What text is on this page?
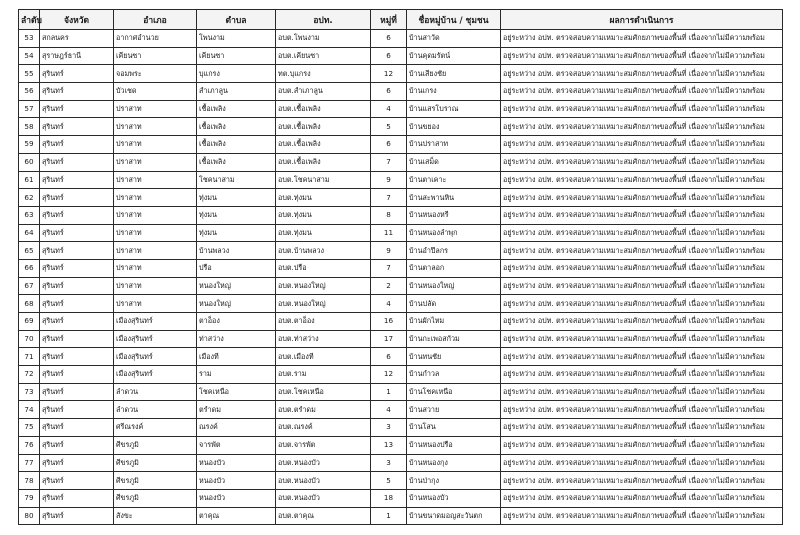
ลำดับ	จังหวัด	อำเภอ	ตำบล	อปท.	หมู่ที่	ชื่อหมู่บ้าน / ชุมชน	ผลการดำเนินการ
53	สกลนคร	อากาศอำนวย	โพนงาม	อบต.โพนงาม	6	บ้านสาวัด	อยู่ระหว่าง อปท. ตรวจสอบความเหมาะสมศักยภาพของพื้นที่ เนื่องจากไม่มีความพร้อม
54	สุราษฎร์ธานี	เคียนซา	เคียนซา	อบต.เคียนซา	6	บ้านคุดมรัตน์	อยู่ระหว่าง อปท. ตรวจสอบความเหมาะสมศักยภาพของพื้นที่ เนื่องจากไม่มีความพร้อม
55	สุรินทร์	จอมพระ	บุแกรง	ทต.บุแกรง	12	บ้านเสียงชัย	อยู่ระหว่าง อปท. ตรวจสอบความเหมาะสมศักยภาพของพื้นที่ เนื่องจากไม่มีความพร้อม
56	สุรินทร์	บัวเชด	สำเภาลูน	อบต.สำเภาลูน	6	บ้านเกรง	อยู่ระหว่าง อปท. ตรวจสอบความเหมาะสมศักยภาพของพื้นที่ เนื่องจากไม่มีความพร้อม
57	สุรินทร์	ปราสาท	เชื้อเพลิง	อบต.เชื้อเพลิง	4	บ้านแสรโบราณ	อยู่ระหว่าง อปท. ตรวจสอบความเหมาะสมศักยภาพของพื้นที่ เนื่องจากไม่มีความพร้อม
58	สุรินทร์	ปราสาท	เชื้อเพลิง	อบต.เชื้อเพลิง	5	บ้านขยอง	อยู่ระหว่าง อปท. ตรวจสอบความเหมาะสมศักยภาพของพื้นที่ เนื่องจากไม่มีความพร้อม
59	สุรินทร์	ปราสาท	เชื้อเพลิง	อบต.เชื้อเพลิง	6	บ้านปราสาท	อยู่ระหว่าง อปท. ตรวจสอบความเหมาะสมศักยภาพของพื้นที่ เนื่องจากไม่มีความพร้อม
60	สุรินทร์	ปราสาท	เชื้อเพลิง	อบต.เชื้อเพลิง	7	บ้านเสม็ด	อยู่ระหว่าง อปท. ตรวจสอบความเหมาะสมศักยภาพของพื้นที่ เนื่องจากไม่มีความพร้อม
61	สุรินทร์	ปราสาท	โชคนาสาม	อบต.โชคนาสาม	9	บ้านตาเคาะ	อยู่ระหว่าง อปท. ตรวจสอบความเหมาะสมศักยภาพของพื้นที่ เนื่องจากไม่มีความพร้อม
62	สุรินทร์	ปราสาท	ทุ่งมน	อบต.ทุ่งมน	7	บ้านสะพานหิน	อยู่ระหว่าง อปท. ตรวจสอบความเหมาะสมศักยภาพของพื้นที่ เนื่องจากไม่มีความพร้อม
63	สุรินทร์	ปราสาท	ทุ่งมน	อบต.ทุ่งมน	8	บ้านหนองหรี	อยู่ระหว่าง อปท. ตรวจสอบความเหมาะสมศักยภาพของพื้นที่ เนื่องจากไม่มีความพร้อม
64	สุรินทร์	ปราสาท	ทุ่งมน	อบต.ทุ่งมน	11	บ้านหนองลำพุก	อยู่ระหว่าง อปท. ตรวจสอบความเหมาะสมศักยภาพของพื้นที่ เนื่องจากไม่มีความพร้อม
65	สุรินทร์	ปราสาท	บ้านพลวง	อบต.บ้านพลวง	9	บ้านอำปึลกร	อยู่ระหว่าง อปท. ตรวจสอบความเหมาะสมศักยภาพของพื้นที่ เนื่องจากไม่มีความพร้อม
66	สุรินทร์	ปราสาท	ปรือ	อบต.ปรือ	7	บ้านตาลอก	อยู่ระหว่าง อปท. ตรวจสอบความเหมาะสมศักยภาพของพื้นที่ เนื่องจากไม่มีความพร้อม
67	สุรินทร์	ปราสาท	หนองใหญ่	อบต.หนองใหญ่	2	บ้านหนองใหญ่	อยู่ระหว่าง อปท. ตรวจสอบความเหมาะสมศักยภาพของพื้นที่ เนื่องจากไม่มีความพร้อม
68	สุรินทร์	ปราสาท	หนองใหญ่	อบต.หนองใหญ่	4	บ้านปลัด	อยู่ระหว่าง อปท. ตรวจสอบความเหมาะสมศักยภาพของพื้นที่ เนื่องจากไม่มีความพร้อม
69	สุรินทร์	เมืองสุรินทร์	ตาอ็อง	อบต.ตาอ็อง	16	บ้านผักไหม	อยู่ระหว่าง อปท. ตรวจสอบความเหมาะสมศักยภาพของพื้นที่ เนื่องจากไม่มีความพร้อม
70	สุรินทร์	เมืองสุรินทร์	ท่าสว่าง	อบต.ท่าสว่าง	17	บ้านกะเพอสกัวม	อยู่ระหว่าง อปท. ตรวจสอบความเหมาะสมศักยภาพของพื้นที่ เนื่องจากไม่มีความพร้อม
71	สุรินทร์	เมืองสุรินทร์	เมืองที	อบต.เมืองที	6	บ้านทนชัย	อยู่ระหว่าง อปท. ตรวจสอบความเหมาะสมศักยภาพของพื้นที่ เนื่องจากไม่มีความพร้อม
72	สุรินทร์	เมืองสุรินทร์	ราม	อบต.ราม	12	บ้านกำวล	อยู่ระหว่าง อปท. ตรวจสอบความเหมาะสมศักยภาพของพื้นที่ เนื่องจากไม่มีความพร้อม
73	สุรินทร์	ลำดวน	โชคเหนือ	อบต.โชคเหนือ	1	บ้านโชคเหนือ	อยู่ระหว่าง อปท. ตรวจสอบความเหมาะสมศักยภาพของพื้นที่ เนื่องจากไม่มีความพร้อม
74	สุรินทร์	ลำดวน	ตรำดม	อบต.ตรำดม	4	บ้านสวาย	อยู่ระหว่าง อปท. ตรวจสอบความเหมาะสมศักยภาพของพื้นที่ เนื่องจากไม่มีความพร้อม
75	สุรินทร์	ศรีณรงค์	ณรงค์	อบต.ณรงค์	3	บ้านโสน	อยู่ระหว่าง อปท. ตรวจสอบความเหมาะสมศักยภาพของพื้นที่ เนื่องจากไม่มีความพร้อม
76	สุรินทร์	ศีขรภูมิ	จารพัต	อบต.จารพัต	13	บ้านหนองปรือ	อยู่ระหว่าง อปท. ตรวจสอบความเหมาะสมศักยภาพของพื้นที่ เนื่องจากไม่มีความพร้อม
77	สุรินทร์	ศีขรภูมิ	หนองบัว	อบต.หนองบัว	3	บ้านหนองกุง	อยู่ระหว่าง อปท. ตรวจสอบความเหมาะสมศักยภาพของพื้นที่ เนื่องจากไม่มีความพร้อม
78	สุรินทร์	ศีขรภูมิ	หนองบัว	อบต.หนองบัว	5	บ้านป่ากุง	อยู่ระหว่าง อปท. ตรวจสอบความเหมาะสมศักยภาพของพื้นที่ เนื่องจากไม่มีความพร้อม
79	สุรินทร์	ศีขรภูมิ	หนองบัว	อบต.หนองบัว	18	บ้านหนองบัว	อยู่ระหว่าง อปท. ตรวจสอบความเหมาะสมศักยภาพของพื้นที่ เนื่องจากไม่มีความพร้อม
80	สุรินทร์	สังขะ	ตาคุณ	อบต.ตาคุณ	1	บ้านขนาดมอญสะวันตก	อยู่ระหว่าง อปท. ตรวจสอบความเหมาะสมศักยภาพของพื้นที่ เนื่องจากไม่มีความพร้อม
